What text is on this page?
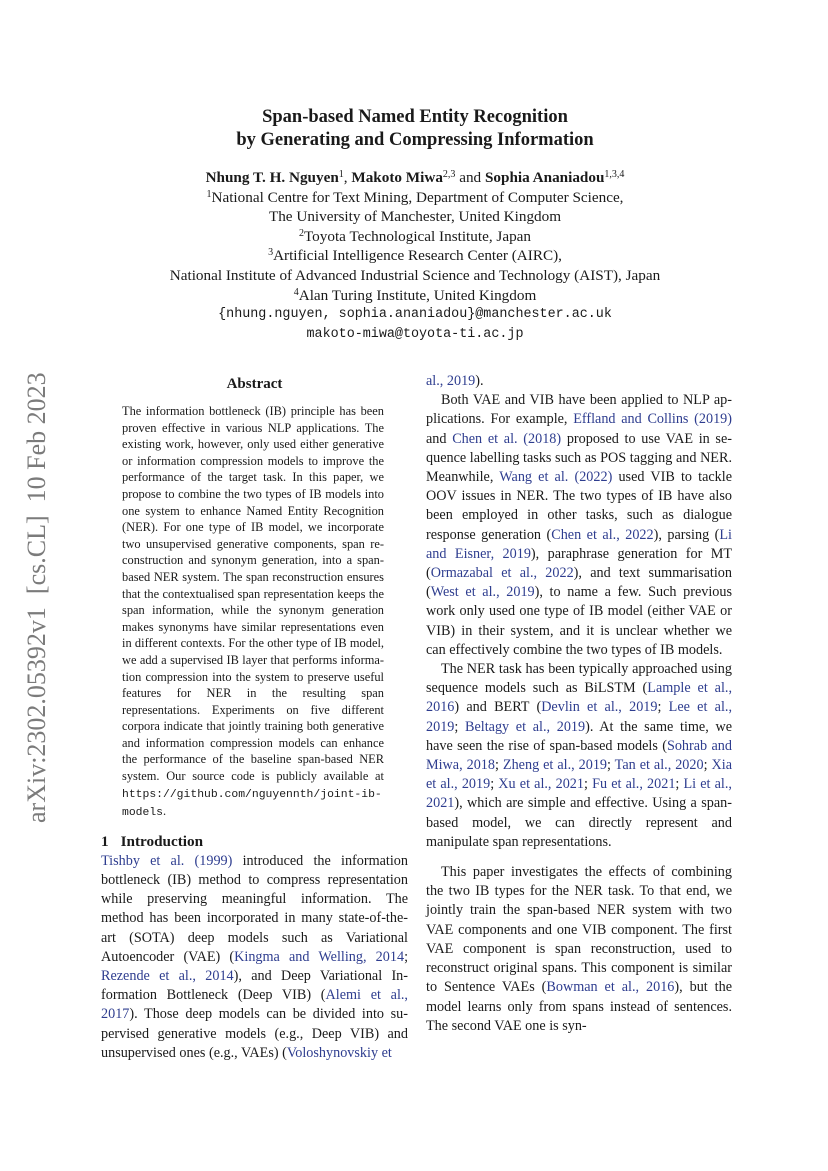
arXiv:2302.05392v1  [cs.CL]  10 Feb 2023
Span-based Named Entity Recognition
by Generating and Compressing Information
Nhung T. H. Nguyen$^1$, Makoto Miwa$^{2,3}$ and Sophia Ananiadou$^{1,3,4}$
$^1$National Centre for Text Mining, Department of Computer Science,
The University of Manchester, United Kingdom
$^2$Toyota Technological Institute, Japan
$^3$Artificial Intelligence Research Center (AIRC),
National Institute of Advanced Industrial Science and Technology (AIST), Japan
$^4$Alan Turing Institute, United Kingdom
{nhung.nguyen, sophia.ananiadou}@manchester.ac.uk
makoto-miwa@toyota-ti.ac.jp
Abstract
The information bottleneck (IB) principle has been proven effective in various NLP applications. The existing work, however, only used either generative or information compression models to improve the performance of the target task. In this paper, we propose to combine the two types of IB models into one system to enhance Named Entity Recognition (NER). For one type of IB model, we incorporate two unsupervised generative components, span reconstruction and synonym generation, into a span-based NER system. The span reconstruction ensures that the contextualised span representation keeps the span information, while the synonym generation makes synonyms have similar representations even in different contexts. For the other type of IB model, we add a supervised IB layer that performs information compression into the system to preserve useful features for NER in the resulting span representations. Experiments on five different corpora indicate that jointly training both generative and information compression models can enhance the performance of the baseline span-based NER system. Our source code is publicly available at https://github.com/nguyennth/joint-ib-models.
1 Introduction

Tishby et al. (1999) introduced the information bottleneck (IB) method to compress representation while preserving meaningful information. The method has been incorporated in many state-of-the-art (SOTA) deep models such as Variational Autoencoder (VAE) (Kingma and Welling, 2014; Rezende et al., 2014), and Deep Variational Information Bottleneck (Deep VIB) (Alemi et al., 2017). Those deep models can be divided into supervised generative models (e.g., Deep VIB) and unsupervised ones (e.g., VAEs) (Voloshynovskiy et

al., 2019).

Both VAE and VIB have been applied to NLP applications. For example, Effland and Collins (2019) and Chen et al. (2018) proposed to use VAE in sequence labelling tasks such as POS tagging and NER. Meanwhile, Wang et al. (2022) used VIB to tackle OOV issues in NER. The two types of IB have also been employed in other tasks, such as dialogue response generation (Chen et al., 2022), parsing (Li and Eisner, 2019), paraphrase generation for MT (Ormazabal et al., 2022), and text summarisation (West et al., 2019), to name a few. Such previous work only used one type of IB model (either VAE or VIB) in their system, and it is unclear whether we can effectively combine the two types of IB models.

The NER task has been typically approached using sequence models such as BiLSTM (Lample et al., 2016) and BERT (Devlin et al., 2019; Lee et al., 2019; Beltagy et al., 2019). At the same time, we have seen the rise of span-based models (Sohrab and Miwa, 2018; Zheng et al., 2019; Tan et al., 2020; Xia et al., 2019; Xu et al., 2021; Fu et al., 2021; Li et al., 2021), which are simple and effective. Using a span-based model, we can directly represent and manipulate span representations.

This paper investigates the effects of combining the two IB types for the NER task. To that end, we jointly train the span-based NER system with two VAE components and one VIB component. The first VAE component is span reconstruction, used to reconstruct original spans. This component is similar to Sentence VAEs (Bowman et al., 2016), but the model learns only from spans instead of sentences. The second VAE one is syn-
